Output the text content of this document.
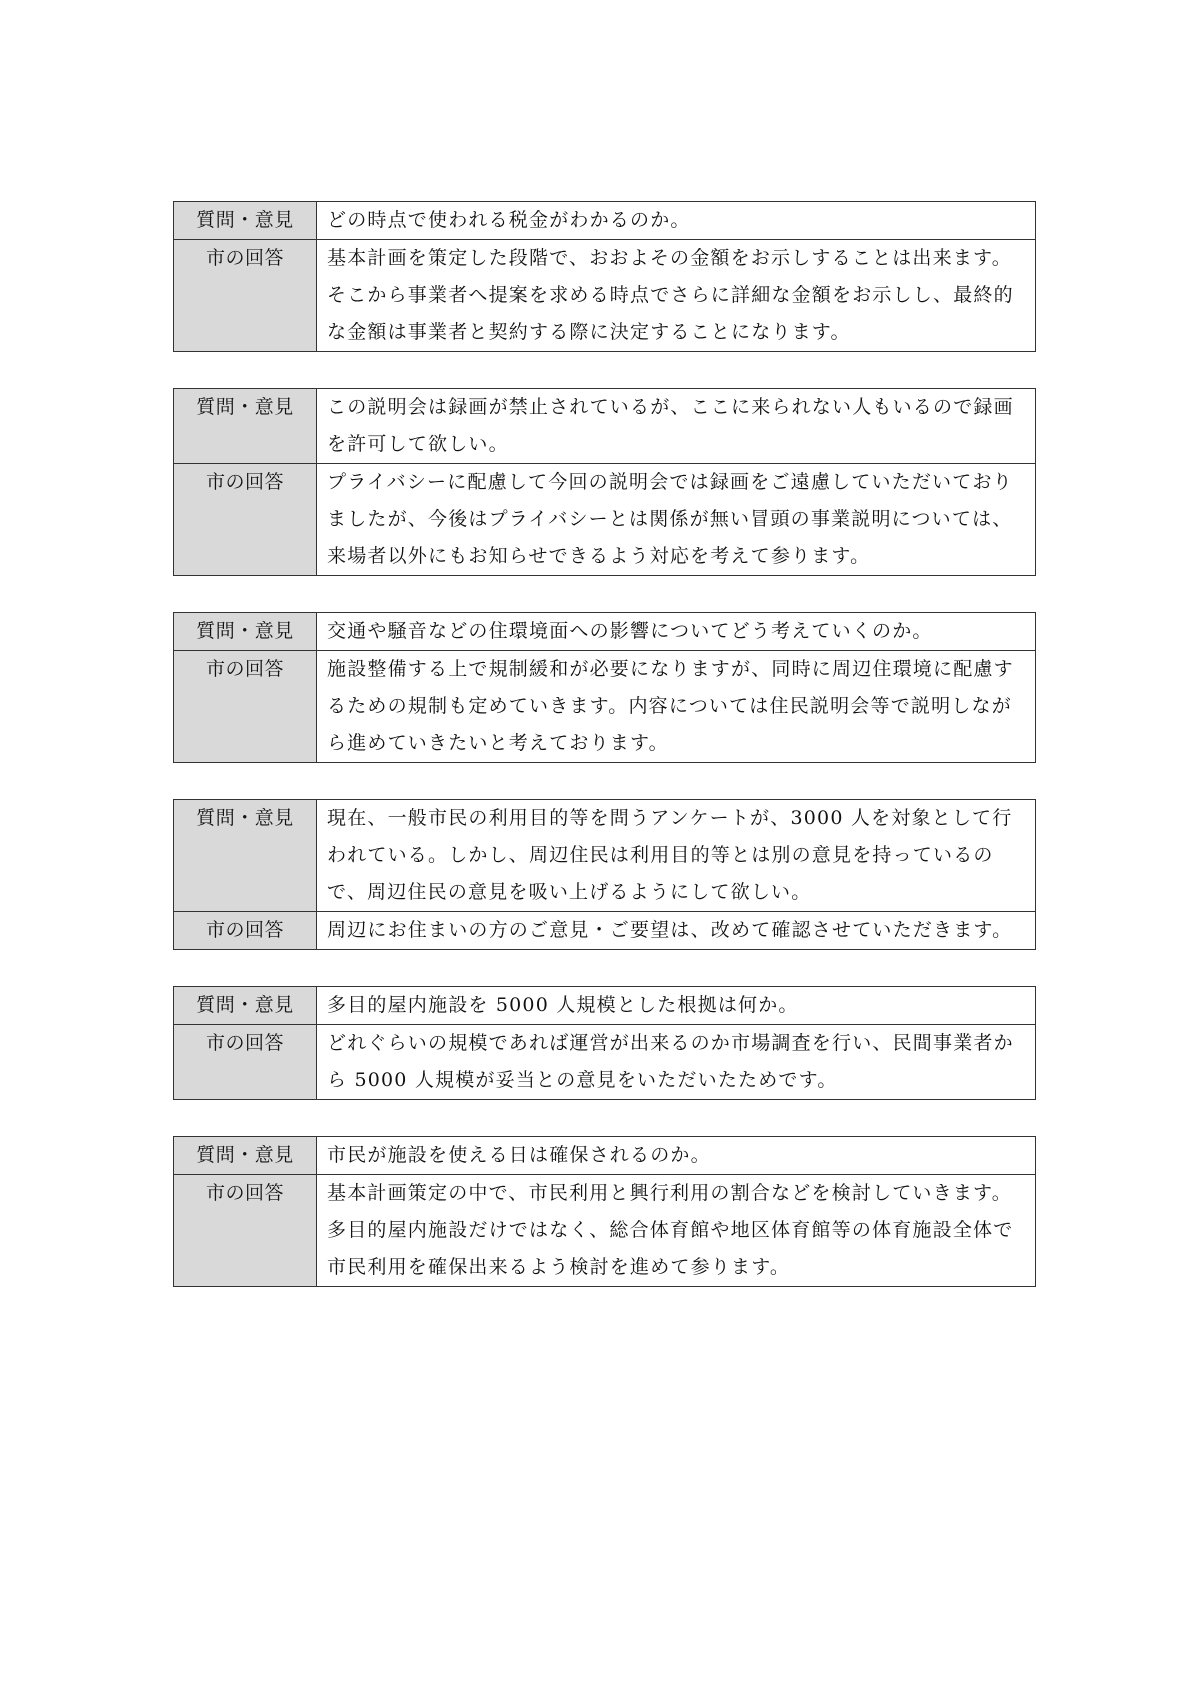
質問・意見	どの時点で使われる税金がわかるのか。
市の回答	基本計画を策定した段階で、おおよその金額をお示しすることは出来ます。そこから事業者へ提案を求める時点でさらに詳細な金額をお示しし、最終的な金額は事業者と契約する際に決定することになります。
質問・意見	この説明会は録画が禁止されているが、ここに来られない人もいるので録画を許可して欲しい。
市の回答	プライバシーに配慮して今回の説明会では録画をご遠慮していただいておりましたが、今後はプライバシーとは関係が無い冒頭の事業説明については、来場者以外にもお知らせできるよう対応を考えて参ります。
質問・意見	交通や騒音などの住環境面への影響についてどう考えていくのか。
市の回答	施設整備する上で規制緩和が必要になりますが、同時に周辺住環境に配慮するための規制も定めていきます。内容については住民説明会等で説明しながら進めていきたいと考えております。
質問・意見	現在、一般市民の利用目的等を問うアンケートが、3000 人を対象として行われている。しかし、周辺住民は利用目的等とは別の意見を持っているので、周辺住民の意見を吸い上げるようにして欲しい。
市の回答	周辺にお住まいの方のご意見・ご要望は、改めて確認させていただきます。
質問・意見	多目的屋内施設を 5000 人規模とした根拠は何か。
市の回答	どれぐらいの規模であれば運営が出来るのか市場調査を行い、民間事業者から 5000 人規模が妥当との意見をいただいたためです。
質問・意見	市民が施設を使える日は確保されるのか。
市の回答	基本計画策定の中で、市民利用と興行利用の割合などを検討していきます。多目的屋内施設だけではなく、総合体育館や地区体育館等の体育施設全体で市民利用を確保出来るよう検討を進めて参ります。
